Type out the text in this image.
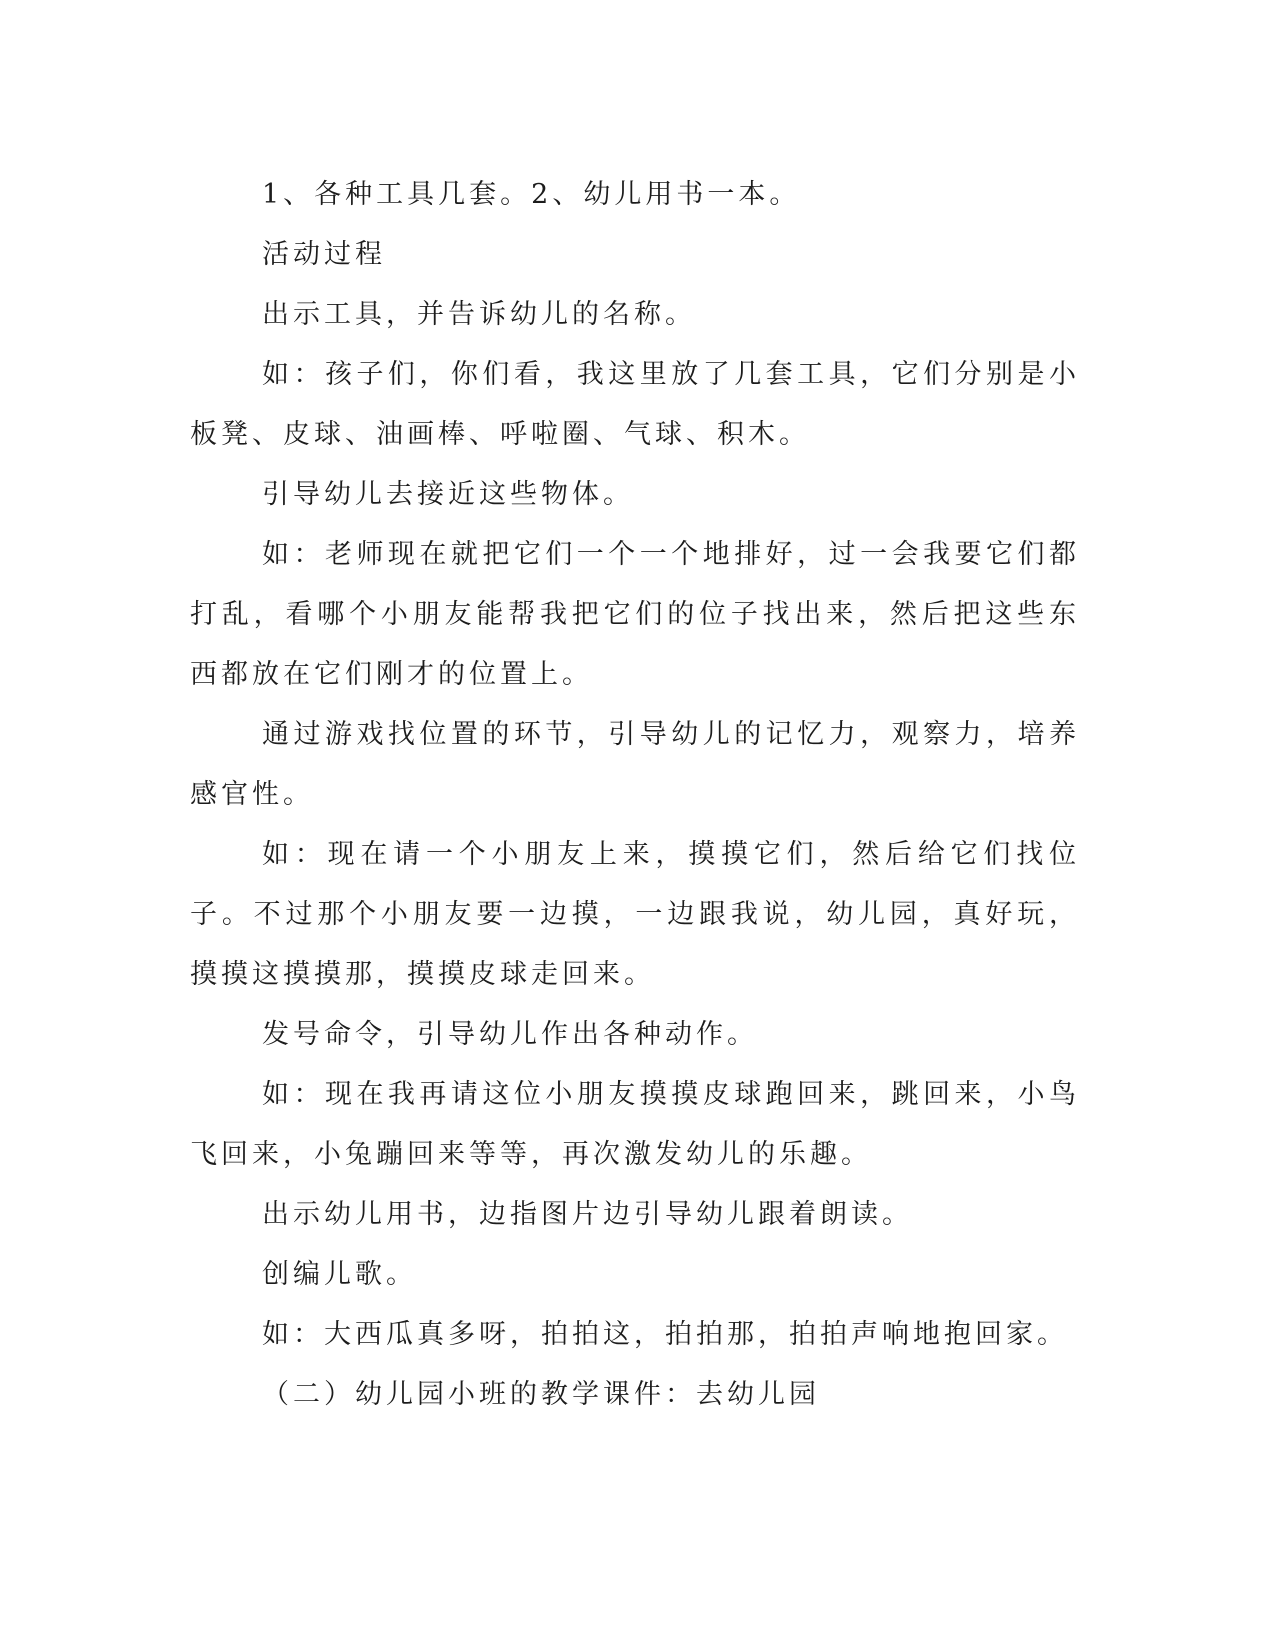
1、各种工具几套。2、幼儿用书一本。

活动过程

出示工具，并告诉幼儿的名称。

如：孩子们，你们看，我这里放了几套工具，它们分别是小板凳、皮球、油画棒、呼啦圈、气球、积木。

引导幼儿去接近这些物体。

如：老师现在就把它们一个一个地排好，过一会我要它们都打乱，看哪个小朋友能帮我把它们的位子找出来，然后把这些东西都放在它们刚才的位置上。

通过游戏找位置的环节，引导幼儿的记忆力，观察力，培养感官性。

如：现在请一个小朋友上来，摸摸它们，然后给它们找位子。不过那个小朋友要一边摸，一边跟我说，幼儿园，真好玩，摸摸这摸摸那，摸摸皮球走回来。

发号命令，引导幼儿作出各种动作。

如：现在我再请这位小朋友摸摸皮球跑回来，跳回来，小鸟飞回来，小兔蹦回来等等，再次激发幼儿的乐趣。

出示幼儿用书，边指图片边引导幼儿跟着朗读。

创编儿歌。

如：大西瓜真多呀，拍拍这，拍拍那，拍拍声响地抱回家。

（二）幼儿园小班的教学课件：去幼儿园
